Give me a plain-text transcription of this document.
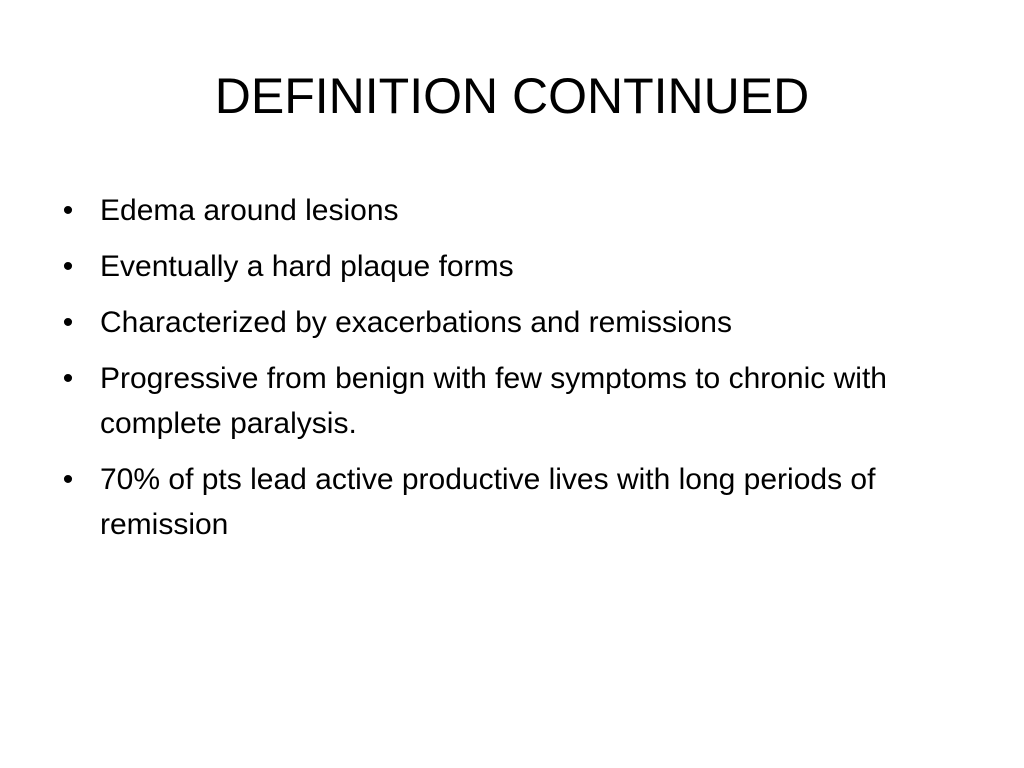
DEFINITION CONTINUED
• Edema around lesions
• Eventually a hard plaque forms
• Characterized by exacerbations and remissions
• Progressive from benign with few symptoms to chronic with complete paralysis.
• 70% of pts lead active productive lives with long periods of remission
